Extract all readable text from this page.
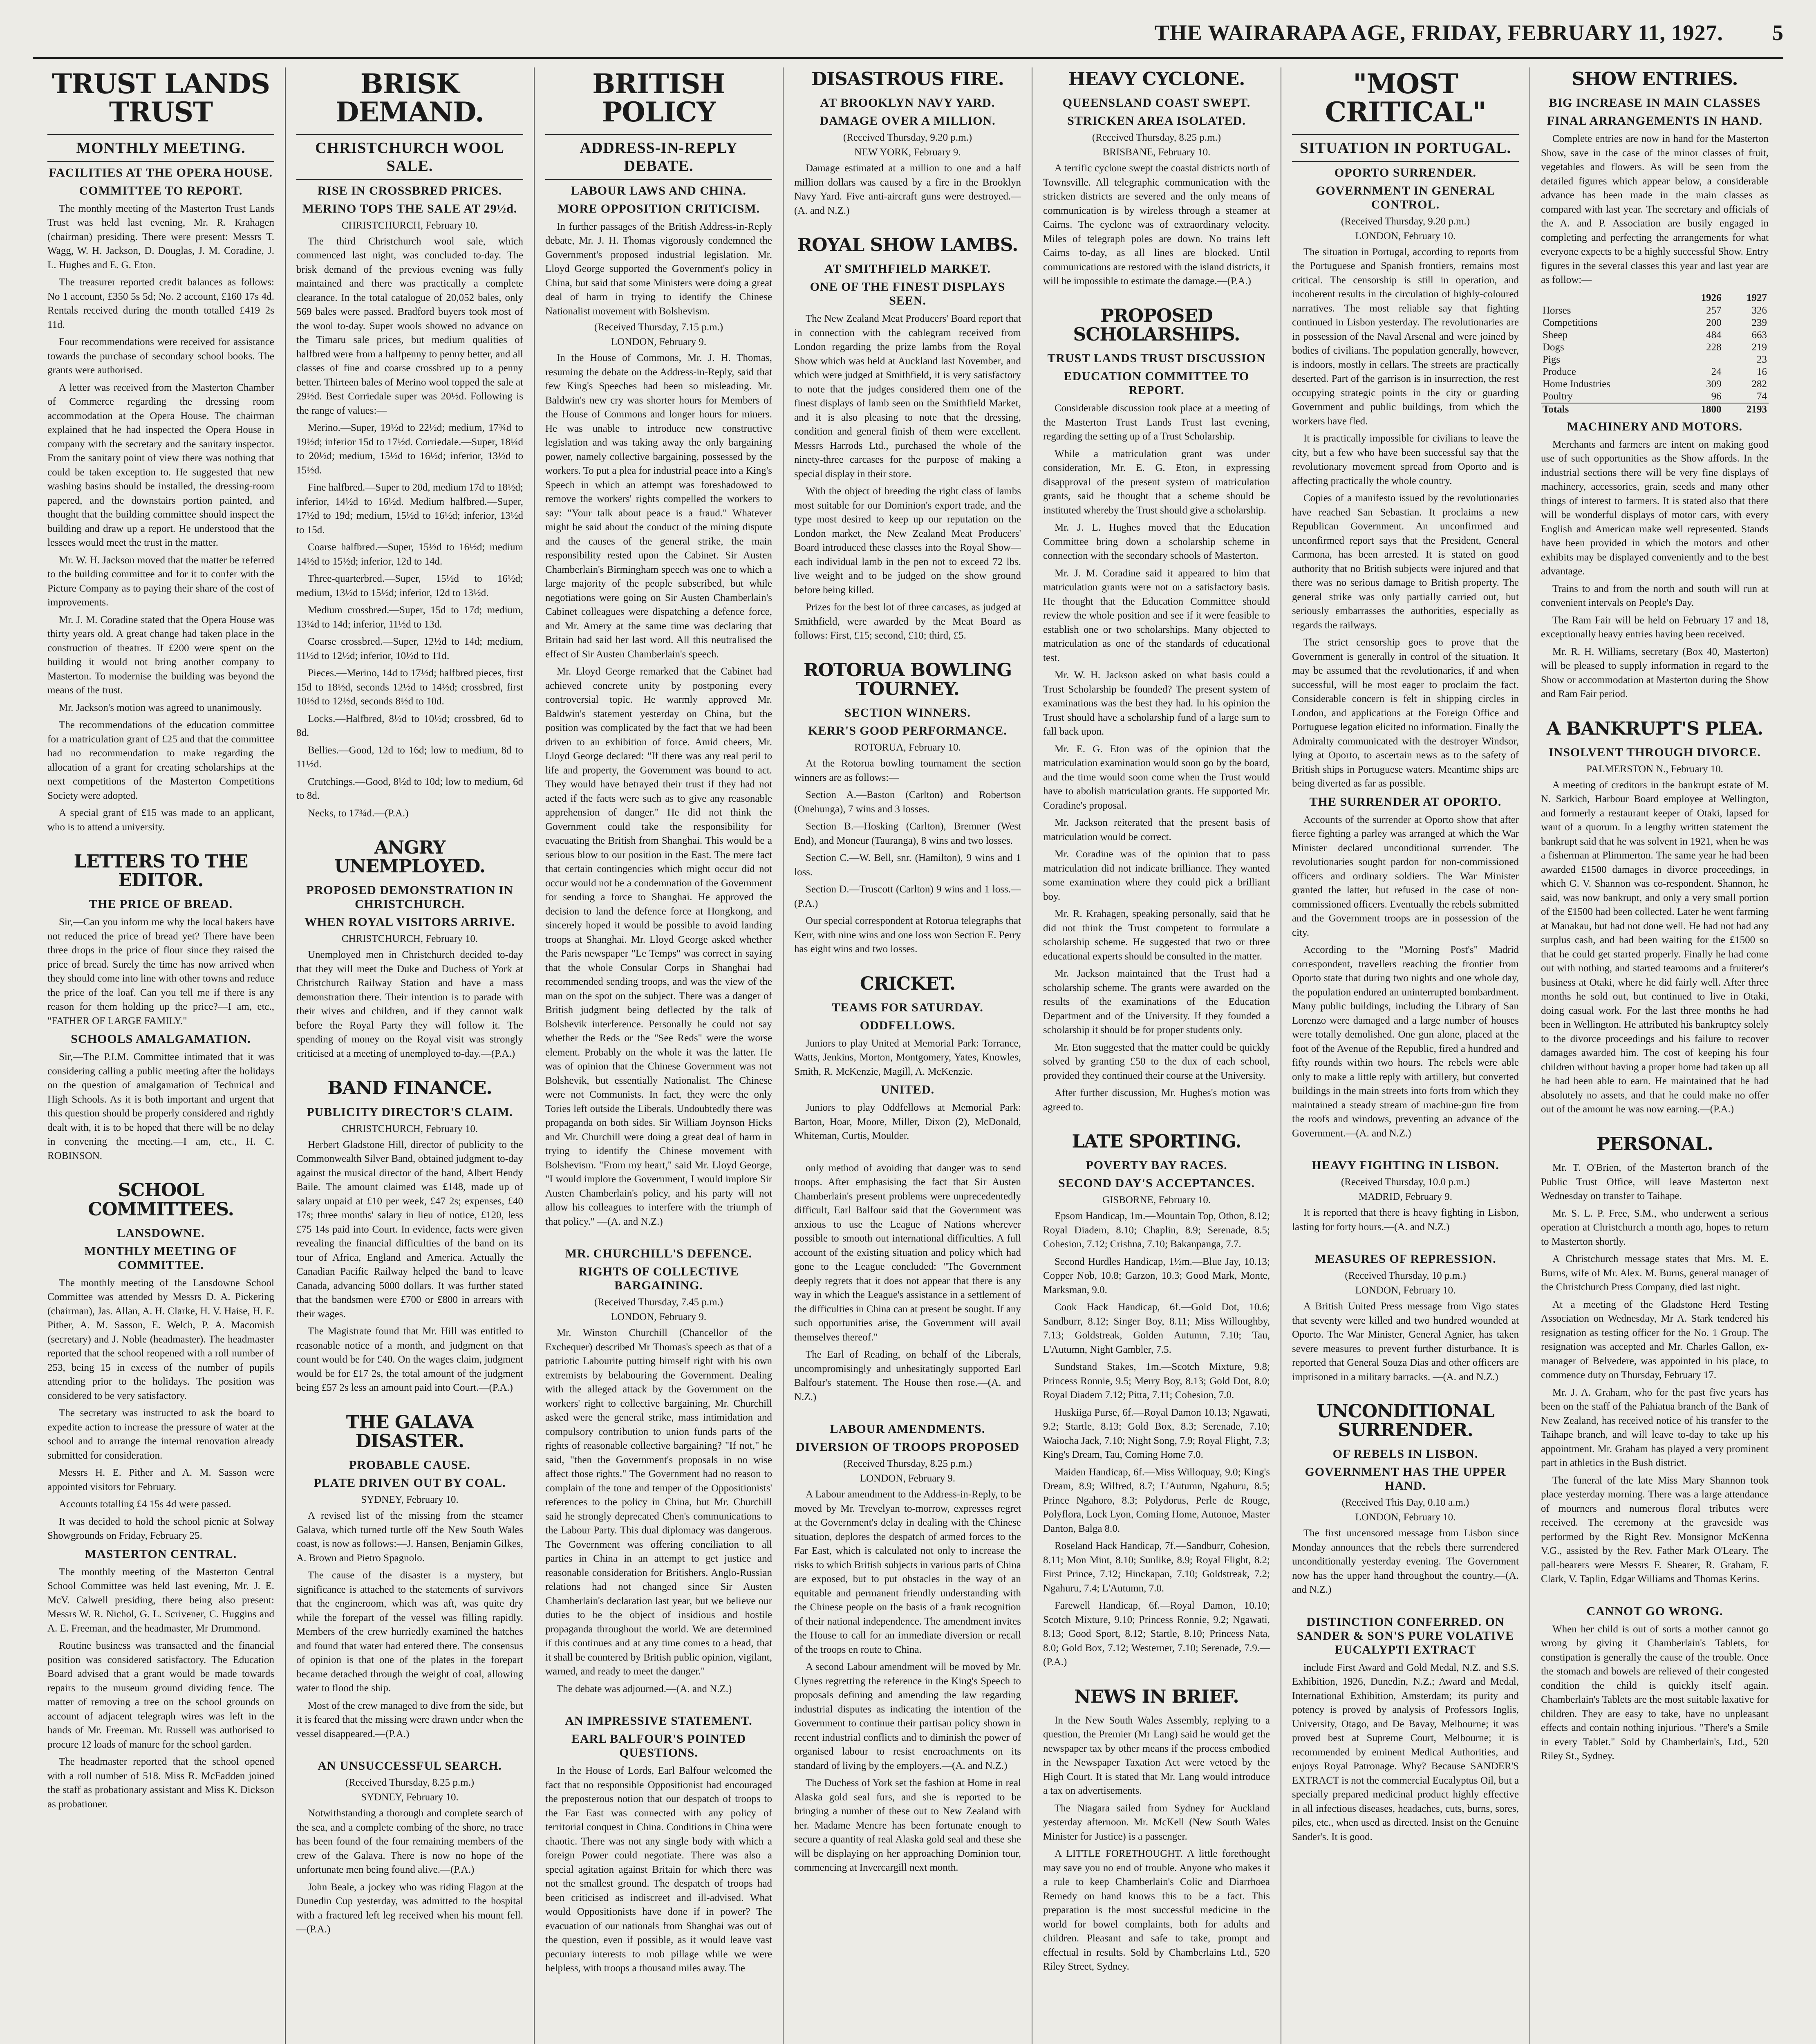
THE WAIRARAPA AGE, FRIDAY, FEBRUARY 11, 1927. 5
TRUST LANDS TRUST
MONTHLY MEETING.
FACILITIES AT THE OPERA HOUSE.
COMMITTEE TO REPORT.

The monthly meeting of the Masterton Trust Lands Trust was held last evening, Mr. R. Krahagen (chairman) presiding. There were present: Messrs T. Wagg, W. H. Jackson, D. Douglas, J. M. Coradine, J. L. Hughes and E. G. Eton.

The treasurer reported credit balances as follows: No 1 account, £350 5s 5d; No. 2 account, £160 17s 4d. Rentals received during the month totalled £419 2s 11d.

Four recommendations were received for assistance towards the purchase of secondary school books. The grants were authorised.

A letter was received from the Masterton Chamber of Commerce regarding the dressing room accommodation at the Opera House. The chairman explained that he had inspected the Opera House in company with the secretary and the sanitary inspector. From the sanitary point of view there was nothing that could be taken exception to. He suggested that new washing basins should be installed, the dressing-room papered, and the downstairs portion painted, and thought that the building committee should inspect the building and draw up a report. He understood that the lessees would meet the trust in the matter.

Mr. W. H. Jackson moved that the matter be referred to the building committee and for it to confer with the Picture Company as to paying their share of the cost of improvements.

Mr. J. M. Coradine stated that the Opera House was thirty years old. A great change had taken place in the construction of theatres. If £200 were spent on the building it would not bring another company to Masterton. To modernise the building was beyond the means of the trust.

Mr. Jackson's motion was agreed to unanimously.

The recommendations of the education committee for a matriculation grant of £25 and that the committee had no recommendation to make regarding the allocation of a grant for creating scholarships at the next competitions of the Masterton Competitions Society were adopted.

A special grant of £15 was made to an applicant, who is to attend a university.

LETTERS TO THE EDITOR.
THE PRICE OF BREAD.

Sir,—Can you inform me why the local bakers have not reduced the price of bread yet? There have been three drops in the price of flour since they raised the price of bread. Surely the time has now arrived when they should come into line with other towns and reduce the price of the loaf. Can you tell me if there is any reason for them holding up the price?—I am, etc., "FATHER OF LARGE FAMILY."

SCHOOLS AMALGAMATION.

Sir,—The P.I.M. Committee intimated that it was considering calling a public meeting after the holidays on the question of amalgamation of Technical and High Schools. As it is both important and urgent that this question should be properly considered and rightly dealt with, it is to be hoped that there will be no delay in convening the meeting.—I am, etc., H. C. ROBINSON.

SCHOOL COMMITTEES.
LANSDOWNE.
MONTHLY MEETING OF COMMITTEE.

The monthly meeting of the Lansdowne School Committee was attended by Messrs D. A. Pickering (chairman), Jas. Allan, A. H. Clarke, H. V. Haise, H. E. Pither, A. M. Sasson, E. Welch, P. A. Macomish (secretary) and J. Noble (headmaster). The headmaster reported that the school reopened with a roll number of 253, being 15 in excess of the number of pupils attending prior to the holidays. The position was considered to be very satisfactory.

The secretary was instructed to ask the board to expedite action to increase the pressure of water at the school and to arrange the internal renovation already submitted for consideration.

Messrs H. E. Pither and A. M. Sasson were appointed visitors for February.

Accounts totalling £4 15s 4d were passed.

It was decided to hold the school picnic at Solway Showgrounds on Friday, February 25.

MASTERTON CENTRAL.

The monthly meeting of the Masterton Central School Committee was held last evening, Mr. J. E. McV. Calwell presiding, there being also present: Messrs W. R. Nichol, G. L. Scrivener, C. Huggins and A. E. Freeman, and the headmaster, Mr Drummond.

Routine business was transacted and the financial position was considered satisfactory. The Education Board advised that a grant would be made towards repairs to the museum ground dividing fence. The matter of removing a tree on the school grounds on account of adjacent telegraph wires was left in the hands of Mr. Freeman. Mr. Russell was authorised to procure 12 loads of manure for the school garden.

The headmaster reported that the school opened with a roll number of 518. Miss R. McFadden joined the staff as probationary assistant and Miss K. Dickson as probationer.

BRISK DEMAND.
CHRISTCHURCH WOOL SALE.
RISE IN CROSSBRED PRICES.
MERINO TOPS THE SALE AT 29½d.
CHRISTCHURCH, February 10.

The third Christchurch wool sale, which commenced last night, was concluded to-day. The brisk demand of the previous evening was fully maintained and there was practically a complete clearance. In the total catalogue of 20,052 bales, only 569 bales were passed. Bradford buyers took most of the wool to-day. Super wools showed no advance on the Timaru sale prices, but medium qualities of halfbred were from a halfpenny to penny better, and all classes of fine and coarse crossbred up to a penny better. Thirteen bales of Merino wool topped the sale at 29½d. Best Corriedale super was 20½d. Following is the range of values:—

Merino.—Super, 19½d to 22½d; medium, 17¾d to 19½d; inferior 15d to 17½d. Corriedale.—Super, 18¼d to 20½d; medium, 15½d to 16½d; inferior, 13½d to 15½d.

Fine halfbred.—Super to 20d, medium 17d to 18½d; inferior, 14½d to 16½d. Medium halfbred.—Super, 17½d to 19d; medium, 15½d to 16½d; inferior, 13½d to 15d.

Coarse halfbred.—Super, 15½d to 16½d; medium 14½d to 15½d; inferior, 12d to 14d.

Three-quarterbred.—Super, 15½d to 16½d; medium, 13½d to 15½d; inferior, 12d to 13½d.

Medium crossbred.—Super, 15d to 17d; medium, 13¼d to 14d; inferior, 11½d to 13d.

Coarse crossbred.—Super, 12½d to 14d; medium, 11½d to 12½d; inferior, 10½d to 11d.

Pieces.—Merino, 14d to 17½d; halfbred pieces, first 15d to 18½d, seconds 12½d to 14½d; crossbred, first 10½d to 12½d, seconds 8½d to 10d.

Locks.—Halfbred, 8½d to 10½d; crossbred, 6d to 8d.

Bellies.—Good, 12d to 16d; low to medium, 8d to 11½d.

Crutchings.—Good, 8½d to 10d; low to medium, 6d to 8d.

Necks, to 17¾d.—(P.A.)

ANGRY UNEMPLOYED.
PROPOSED DEMONSTRATION IN CHRISTCHURCH.
WHEN ROYAL VISITORS ARRIVE.
CHRISTCHURCH, February 10.

Unemployed men in Christchurch decided to-day that they will meet the Duke and Duchess of York at Christchurch Railway Station and have a mass demonstration there. Their intention is to parade with their wives and children, and if they cannot walk before the Royal Party they will follow it. The spending of money on the Royal visit was strongly criticised at a meeting of unemployed to-day.—(P.A.)

BAND FINANCE.
PUBLICITY DIRECTOR'S CLAIM.
CHRISTCHURCH, February 10.

Herbert Gladstone Hill, director of publicity to the Commonwealth Silver Band, obtained judgment to-day against the musical director of the band, Albert Hendy Baile. The amount claimed was £148, made up of salary unpaid at £10 per week, £47 2s; expenses, £40 17s; three months' salary in lieu of notice, £120, less £75 14s paid into Court. In evidence, facts were given revealing the financial difficulties of the band on its tour of Africa, England and America. Actually the Canadian Pacific Railway helped the band to leave Canada, advancing 5000 dollars. It was further stated that the bandsmen were £700 or £800 in arrears with their wages.

The Magistrate found that Mr. Hill was entitled to reasonable notice of a month, and judgment on that count would be for £40. On the wages claim, judgment would be for £17 2s, the total amount of the judgment being £57 2s less an amount paid into Court.—(P.A.)

THE GALAVA DISASTER.
PROBABLE CAUSE.
PLATE DRIVEN OUT BY COAL.
SYDNEY, February 10.

A revised list of the missing from the steamer Galava, which turned turtle off the New South Wales coast, is now as follows:—J. Hansen, Benjamin Gilkes, A. Brown and Pietro Spagnolo.

The cause of the disaster is a mystery, but significance is attached to the statements of survivors that the engineroom, which was aft, was quite dry while the forepart of the vessel was filling rapidly. Members of the crew hurriedly examined the hatches and found that water had entered there. The consensus of opinion is that one of the plates in the forepart became detached through the weight of coal, allowing water to flood the ship.

Most of the crew managed to dive from the side, but it is feared that the missing were drawn under when the vessel disappeared.—(P.A.)

AN UNSUCCESSFUL SEARCH.
(Received Thursday, 8.25 p.m.)
SYDNEY, February 10.

Notwithstanding a thorough and complete search of the sea, and a complete combing of the shore, no trace has been found of the four remaining members of the crew of the Galava. There is now no hope of the unfortunate men being found alive.—(P.A.)

John Beale, a jockey who was riding Flagon at the Dunedin Cup yesterday, was admitted to the hospital with a fractured left leg received when his mount fell.—(P.A.)

BRITISH POLICY
ADDRESS-IN-REPLY DEBATE.
LABOUR LAWS AND CHINA.
MORE OPPOSITION CRITICISM.

In further passages of the British Address-in-Reply debate, Mr. J. H. Thomas vigorously condemned the Government's proposed industrial legislation. Mr. Lloyd George supported the Government's policy in China, but said that some Ministers were doing a great deal of harm in trying to identify the Chinese Nationalist movement with Bolshevism.

(Received Thursday, 7.15 p.m.)
LONDON, February 9.

In the House of Commons, Mr. J. H. Thomas, resuming the debate on the Address-in-Reply, said that few King's Speeches had been so misleading. Mr. Baldwin's new cry was shorter hours for Members of the House of Commons and longer hours for miners. He was unable to introduce new constructive legislation and was taking away the only bargaining power, namely collective bargaining, possessed by the workers. To put a plea for industrial peace into a King's Speech in which an attempt was foreshadowed to remove the workers' rights compelled the workers to say: "Your talk about peace is a fraud." Whatever might be said about the conduct of the mining dispute and the causes of the general strike, the main responsibility rested upon the Cabinet. Sir Austen Chamberlain's Birmingham speech was one to which a large majority of the people subscribed, but while negotiations were going on Sir Austen Chamberlain's Cabinet colleagues were dispatching a defence force, and Mr. Amery at the same time was declaring that Britain had said her last word. All this neutralised the effect of Sir Austen Chamberlain's speech.

Mr. Lloyd George remarked that the Cabinet had achieved concrete unity by postponing every controversial topic. He warmly approved Mr. Baldwin's statement yesterday on China, but the position was complicated by the fact that we had been driven to an exhibition of force. Amid cheers, Mr. Lloyd George declared: "If there was any real peril to life and property, the Government was bound to act. They would have betrayed their trust if they had not acted if the facts were such as to give any reasonable apprehension of danger." He did not think the Government could take the responsibility for evacuating the British from Shanghai. This would be a serious blow to our position in the East. The mere fact that certain contingencies which might occur did not occur would not be a condemnation of the Government for sending a force to Shanghai. He approved the decision to land the defence force at Hongkong, and sincerely hoped it would be possible to avoid landing troops at Shanghai. Mr. Lloyd George asked whether the Paris newspaper "Le Temps" was correct in saying that the whole Consular Corps in Shanghai had recommended sending troops, and was the view of the man on the spot on the subject. There was a danger of British judgment being deflected by the talk of Bolshevik interference. Personally he could not say whether the Reds or the "See Reds" were the worse element. Probably on the whole it was the latter. He was of opinion that the Chinese Government was not Bolshevik, but essentially Nationalist. The Chinese were not Communists. In fact, they were the only Tories left outside the Liberals. Undoubtedly there was propaganda on both sides. Sir William Joynson Hicks and Mr. Churchill were doing a great deal of harm in trying to identify the Chinese movement with Bolshevism. "From my heart," said Mr. Lloyd George, "I would implore the Government, I would implore Sir Austen Chamberlain's policy, and his party will not allow his colleagues to interfere with the triumph of that policy." —(A. and N.Z.)

MR. CHURCHILL'S DEFENCE.
RIGHTS OF COLLECTIVE BARGAINING.
(Received Thursday, 7.45 p.m.)
LONDON, February 9.

Mr. Winston Churchill (Chancellor of the Exchequer) described Mr Thomas's speech as that of a patriotic Labourite putting himself right with his own extremists by belabouring the Government. Dealing with the alleged attack by the Government on the workers' right to collective bargaining, Mr. Churchill asked were the general strike, mass intimidation and compulsory contribution to union funds parts of the rights of reasonable collective bargaining? "If not," he said, "then the Government's proposals in no wise affect those rights." The Government had no reason to complain of the tone and temper of the Oppositionists' references to the policy in China, but Mr. Churchill said he strongly deprecated Chen's communications to the Labour Party. This dual diplomacy was dangerous. The Government was offering conciliation to all parties in China in an attempt to get justice and reasonable consideration for Britishers. Anglo-Russian relations had not changed since Sir Austen Chamberlain's declaration last year, but we believe our duties to be the object of insidious and hostile propaganda throughout the world. We are determined if this continues and at any time comes to a head, that it shall be countered by British public opinion, vigilant, warned, and ready to meet the danger."

The debate was adjourned.—(A. and N.Z.)

AN IMPRESSIVE STATEMENT.
EARL BALFOUR'S POINTED QUESTIONS.

In the House of Lords, Earl Balfour welcomed the fact that no responsible Oppositionist had encouraged the preposterous notion that our despatch of troops to the Far East was connected with any policy of territorial conquest in China. Conditions in China were chaotic. There was not any single body with which a foreign Power could negotiate. There was also a special agitation against Britain for which there was not the smallest ground. The despatch of troops had been criticised as indiscreet and ill-advised. What would Oppositionists have done if in power? The evacuation of our nationals from Shanghai was out of the question, even if possible, as it would leave vast pecuniary interests to mob pillage while we were helpless, with troops a thousand miles away. The

DISASTROUS FIRE.
AT BROOKLYN NAVY YARD.
DAMAGE OVER A MILLION.
(Received Thursday, 9.20 p.m.)
NEW YORK, February 9.

Damage estimated at a million to one and a half million dollars was caused by a fire in the Brooklyn Navy Yard. Five anti-aircraft guns were destroyed.—(A. and N.Z.)

ROYAL SHOW LAMBS.
AT SMITHFIELD MARKET.
ONE OF THE FINEST DISPLAYS SEEN.

The New Zealand Meat Producers' Board report that in connection with the cablegram received from London regarding the prize lambs from the Royal Show which was held at Auckland last November, and which were judged at Smithfield, it is very satisfactory to note that the judges considered them one of the finest displays of lamb seen on the Smithfield Market, and it is also pleasing to note that the dressing, condition and general finish of them were excellent. Messrs Harrods Ltd., purchased the whole of the ninety-three carcases for the purpose of making a special display in their store.

With the object of breeding the right class of lambs most suitable for our Dominion's export trade, and the type most desired to keep up our reputation on the London market, the New Zealand Meat Producers' Board introduced these classes into the Royal Show—each individual lamb in the pen not to exceed 72 lbs. live weight and to be judged on the show ground before being killed.

Prizes for the best lot of three carcases, as judged at Smithfield, were awarded by the Meat Board as follows: First, £15; second, £10; third, £5.

ROTORUA BOWLING TOURNEY.
SECTION WINNERS.
KERR'S GOOD PERFORMANCE.
ROTORUA, February 10.

At the Rotorua bowling tournament the section winners are as follows:—

Section A.—Baston (Carlton) and Robertson (Onehunga), 7 wins and 3 losses.

Section B.—Hosking (Carlton), Bremner (West End), and Moneur (Tauranga), 8 wins and two losses.

Section C.—W. Bell, snr. (Hamilton), 9 wins and 1 loss.

Section D.—Truscott (Carlton) 9 wins and 1 loss.—(P.A.)

Our special correspondent at Rotorua telegraphs that Kerr, with nine wins and one loss won Section E. Perry has eight wins and two losses.

CRICKET.
TEAMS FOR SATURDAY.
ODDFELLOWS.

Juniors to play United at Memorial Park: Torrance, Watts, Jenkins, Morton, Montgomery, Yates, Knowles, Smith, R. McKenzie, Magill, A. McKenzie.

UNITED.

Juniors to play Oddfellows at Memorial Park: Barton, Hoar, Moore, Miller, Dixon (2), McDonald, Whiteman, Curtis, Moulder.

only method of avoiding that danger was to send troops. After emphasising the fact that Sir Austen Chamberlain's present problems were unprecedentedly difficult, Earl Balfour said that the Government was anxious to use the League of Nations wherever possible to smooth out international difficulties. A full account of the existing situation and policy which had gone to the League concluded: "The Government deeply regrets that it does not appear that there is any way in which the League's assistance in a settlement of the difficulties in China can at present be sought. If any such opportunities arise, the Government will avail themselves thereof."

The Earl of Reading, on behalf of the Liberals, uncompromisingly and unhesitatingly supported Earl Balfour's statement. The House then rose.—(A. and N.Z.)

LABOUR AMENDMENTS.
DIVERSION OF TROOPS PROPOSED
(Received Thursday, 8.25 p.m.)
LONDON, February 9.

A Labour amendment to the Address-in-Reply, to be moved by Mr. Trevelyan to-morrow, expresses regret at the Government's delay in dealing with the Chinese situation, deplores the despatch of armed forces to the Far East, which is calculated not only to increase the risks to which British subjects in various parts of China are exposed, but to put obstacles in the way of an equitable and permanent friendly understanding with the Chinese people on the basis of a frank recognition of their national independence. The amendment invites the House to call for an immediate diversion or recall of the troops en route to China.

A second Labour amendment will be moved by Mr. Clynes regretting the reference in the King's Speech to proposals defining and amending the law regarding industrial disputes as indicating the intention of the Government to continue their partisan policy shown in recent industrial conflicts and to diminish the power of organised labour to resist encroachments on its standard of living by the employers.—(A. and N.Z.)

The Duchess of York set the fashion at Home in real Alaska gold seal furs, and she is reported to be bringing a number of these out to New Zealand with her. Madame Mencre has been fortunate enough to secure a quantity of real Alaska gold seal and these she will be displaying on her approaching Dominion tour, commencing at Invercargill next month.

HEAVY CYCLONE.
QUEENSLAND COAST SWEPT.
STRICKEN AREA ISOLATED.
(Received Thursday, 8.25 p.m.)
BRISBANE, February 10.

A terrific cyclone swept the coastal districts north of Townsville. All telegraphic communication with the stricken districts are severed and the only means of communication is by wireless through a steamer at Cairns. The cyclone was of extraordinary velocity. Miles of telegraph poles are down. No trains left Cairns to-day, as all lines are blocked. Until communications are restored with the island districts, it will be impossible to estimate the damage.—(P.A.)

PROPOSED SCHOLARSHIPS.
TRUST LANDS TRUST DISCUSSION
EDUCATION COMMITTEE TO REPORT.

Considerable discussion took place at a meeting of the Masterton Trust Lands Trust last evening, regarding the setting up of a Trust Scholarship.

While a matriculation grant was under consideration, Mr. E. G. Eton, in expressing disapproval of the present system of matriculation grants, said he thought that a scheme should be instituted whereby the Trust should give a scholarship.

Mr. J. L. Hughes moved that the Education Committee bring down a scholarship scheme in connection with the secondary schools of Masterton.

Mr. J. M. Coradine said it appeared to him that matriculation grants were not on a satisfactory basis. He thought that the Education Committee should review the whole position and see if it were feasible to establish one or two scholarships. Many objected to matriculation as one of the standards of educational test.

Mr. W. H. Jackson asked on what basis could a Trust Scholarship be founded? The present system of examinations was the best they had. In his opinion the Trust should have a scholarship fund of a large sum to fall back upon.

Mr. E. G. Eton was of the opinion that the matriculation examination would soon go by the board, and the time would soon come when the Trust would have to abolish matriculation grants. He supported Mr. Coradine's proposal.

Mr. Jackson reiterated that the present basis of matriculation would be correct.

Mr. Coradine was of the opinion that to pass matriculation did not indicate brilliance. They wanted some examination where they could pick a brilliant boy.

Mr. R. Krahagen, speaking personally, said that he did not think the Trust competent to formulate a scholarship scheme. He suggested that two or three educational experts should be consulted in the matter.

Mr. Jackson maintained that the Trust had a scholarship scheme. The grants were awarded on the results of the examinations of the Education Department and of the University. If they founded a scholarship it should be for proper students only.

Mr. Eton suggested that the matter could be quickly solved by granting £50 to the dux of each school, provided they continued their course at the University.

After further discussion, Mr. Hughes's motion was agreed to.

LATE SPORTING.
POVERTY BAY RACES.
SECOND DAY'S ACCEPTANCES.
GISBORNE, February 10.

Epsom Handicap, 1m.—Mountain Top, Othon, 8.12; Royal Diadem, 8.10; Chaplin, 8.9; Serenade, 8.5; Cohesion, 7.12; Crishna, 7.10; Bakanpanga, 7.7.

Second Hurdles Handicap, 1½m.—Blue Jay, 10.13; Copper Nob, 10.8; Garzon, 10.3; Good Mark, Monte, Marksman, 9.0.

Cook Hack Handicap, 6f.—Gold Dot, 10.6; Sandburr, 8.12; Singer Boy, 8.11; Miss Willoughby, 7.13; Goldstreak, Golden Autumn, 7.10; Tau, L'Autumn, Night Gambler, 7.5.

Sundstand Stakes, 1m.—Scotch Mixture, 9.8; Princess Ronnie, 9.5; Merry Boy, 8.13; Gold Dot, 8.0; Royal Diadem 7.12; Pitta, 7.11; Cohesion, 7.0.

Huskiiga Purse, 6f.—Royal Damon 10.13; Ngawati, 9.2; Startle, 8.13; Gold Box, 8.3; Serenade, 7.10; Waiocha Jack, 7.10; Night Song, 7.9; Royal Flight, 7.3; King's Dream, Tau, Coming Home 7.0.

Maiden Handicap, 6f.—Miss Willoquay, 9.0; King's Dream, 8.9; Wilfred, 8.7; L'Autumn, Ngahuru, 8.5; Prince Ngahoro, 8.3; Polydorus, Perle de Rouge, Polyflora, Lock Lyon, Coming Home, Autonoe, Master Danton, Balga 8.0.

Roseland Hack Handicap, 7f.—Sandburr, Cohesion, 8.11; Mon Mint, 8.10; Sunlike, 8.9; Royal Flight, 8.2; First Prince, 7.12; Hinckapan, 7.10; Goldstreak, 7.2; Ngahuru, 7.4; L'Autumn, 7.0.

Farewell Handicap, 6f.—Royal Damon, 10.10; Scotch Mixture, 9.10; Princess Ronnie, 9.2; Ngawati, 8.13; Good Sport, 8.12; Startle, 8.10; Princess Nata, 8.0; Gold Box, 7.12; Westerner, 7.10; Serenade, 7.9.—(P.A.)

NEWS IN BRIEF.

In the New South Wales Assembly, replying to a question, the Premier (Mr Lang) said he would get the newspaper tax by other means if the process embodied in the Newspaper Taxation Act were vetoed by the High Court. It is stated that Mr. Lang would introduce a tax on advertisements.

The Niagara sailed from Sydney for Auckland yesterday afternoon. Mr. McKell (New South Wales Minister for Justice) is a passenger.

A LITTLE FORETHOUGHT. A little forethought may save you no end of trouble. Anyone who makes it a rule to keep Chamberlain's Colic and Diarrhoea Remedy on hand knows this to be a fact. This preparation is the most successful medicine in the world for bowel complaints, both for adults and children. Pleasant and safe to take, prompt and effectual in results. Sold by Chamberlains Ltd., 520 Riley Street, Sydney.

"MOST CRITICAL"
SITUATION IN PORTUGAL.
OPORTO SURRENDER.
GOVERNMENT IN GENERAL CONTROL.
(Received Thursday, 9.20 p.m.)
LONDON, February 10.

The situation in Portugal, according to reports from the Portuguese and Spanish frontiers, remains most critical. The censorship is still in operation, and incoherent results in the circulation of highly-coloured narratives. The most reliable say that fighting continued in Lisbon yesterday. The revolutionaries are in possession of the Naval Arsenal and were joined by bodies of civilians. The population generally, however, is indoors, mostly in cellars. The streets are practically deserted. Part of the garrison is in insurrection, the rest occupying strategic points in the city or guarding Government and public buildings, from which the workers have fled.

It is practically impossible for civilians to leave the city, but a few who have been successful say that the revolutionary movement spread from Oporto and is affecting practically the whole country.

Copies of a manifesto issued by the revolutionaries have reached San Sebastian. It proclaims a new Republican Government. An unconfirmed and unconfirmed report says that the President, General Carmona, has been arrested. It is stated on good authority that no British subjects were injured and that there was no serious damage to British property. The general strike was only partially carried out, but seriously embarrasses the authorities, especially as regards the railways.

The strict censorship goes to prove that the Government is generally in control of the situation. It may be assumed that the revolutionaries, if and when successful, will be most eager to proclaim the fact. Considerable concern is felt in shipping circles in London, and applications at the Foreign Office and Portuguese legation elicited no information. Finally the Admiralty communicated with the destroyer Windsor, lying at Oporto, to ascertain news as to the safety of British ships in Portuguese waters. Meantime ships are being diverted as far as possible.

THE SURRENDER AT OPORTO.

Accounts of the surrender at Oporto show that after fierce fighting a parley was arranged at which the War Minister declared unconditional surrender. The revolutionaries sought pardon for non-commissioned officers and ordinary soldiers. The War Minister granted the latter, but refused in the case of non-commissioned officers. Eventually the rebels submitted and the Government troops are in possession of the city.

According to the "Morning Post's" Madrid correspondent, travellers reaching the frontier from Oporto state that during two nights and one whole day, the population endured an uninterrupted bombardment. Many public buildings, including the Library of San Lorenzo were damaged and a large number of houses were totally demolished. One gun alone, placed at the foot of the Avenue of the Republic, fired a hundred and fifty rounds within two hours. The rebels were able only to make a little reply with artillery, but converted buildings in the main streets into forts from which they maintained a steady stream of machine-gun fire from the roofs and windows, preventing an advance of the Government.—(A. and N.Z.)

HEAVY FIGHTING IN LISBON.
(Received Thursday, 10.0 p.m.)
MADRID, February 9.

It is reported that there is heavy fighting in Lisbon, lasting for forty hours.—(A. and N.Z.)

MEASURES OF REPRESSION.
(Received Thursday, 10 p.m.)
LONDON, February 10.

A British United Press message from Vigo states that seventy were killed and two hundred wounded at Oporto. The War Minister, General Agnier, has taken severe measures to prevent further disturbance. It is reported that General Souza Dias and other officers are imprisoned in a military barracks. —(A. and N.Z.)

UNCONDITIONAL SURRENDER.
OF REBELS IN LISBON.
GOVERNMENT HAS THE UPPER HAND.
(Received This Day, 0.10 a.m.)
LONDON, February 10.

The first uncensored message from Lisbon since Monday announces that the rebels there surrendered unconditionally yesterday evening. The Government now has the upper hand throughout the country.—(A. and N.Z.)

DISTINCTION CONFERRED. ON SANDER & SON'S PURE VOLATIVE EUCALYPTI EXTRACT

include First Award and Gold Medal, N.Z. and S.S. Exhibition, 1926, Dunedin, N.Z.; Award and Medal, International Exhibition, Amsterdam; its purity and potency is proved by analysis of Professors Inglis, University, Otago, and De Bavay, Melbourne; it was proved best at Supreme Court, Melbourne; it is recommended by eminent Medical Authorities, and enjoys Royal Patronage. Why? Because SANDER'S EXTRACT is not the commercial Eucalyptus Oil, but a specially prepared medicinal product highly effective in all infectious diseases, headaches, cuts, burns, sores, piles, etc., when used as directed. Insist on the Genuine Sander's. It is good.

SHOW ENTRIES.
BIG INCREASE IN MAIN CLASSES
FINAL ARRANGEMENTS IN HAND.

Complete entries are now in hand for the Masterton Show, save in the case of the minor classes of fruit, vegetables and flowers. As will be seen from the detailed figures which appear below, a considerable advance has been made in the main classes as compared with last year. The secretary and officials of the A. and P. Association are busily engaged in completing and perfecting the arrangements for what everyone expects to be a highly successful Show. Entry figures in the several classes this year and last year are as follow:—

	1926	1927
Horses	257	326
Competitions	200	239
Sheep	484	663
Dogs	228	219
Pigs		23
Produce	24	16
Home Industries	309	282
Poultry	96	74
Totals	1800	2193
MACHINERY AND MOTORS.

Merchants and farmers are intent on making good use of such opportunities as the Show affords. In the industrial sections there will be very fine displays of machinery, accessories, grain, seeds and many other things of interest to farmers. It is stated also that there will be wonderful displays of motor cars, with every English and American make well represented. Stands have been provided in which the motors and other exhibits may be displayed conveniently and to the best advantage.

Trains to and from the north and south will run at convenient intervals on People's Day.

The Ram Fair will be held on February 17 and 18, exceptionally heavy entries having been received.

Mr. R. H. Williams, secretary (Box 40, Masterton) will be pleased to supply information in regard to the Show or accommodation at Masterton during the Show and Ram Fair period.

A BANKRUPT'S PLEA.
INSOLVENT THROUGH DIVORCE.
PALMERSTON N., February 10.

A meeting of creditors in the bankrupt estate of M. N. Sarkich, Harbour Board employee at Wellington, and formerly a restaurant keeper of Otaki, lapsed for want of a quorum. In a lengthy written statement the bankrupt said that he was solvent in 1921, when he was a fisherman at Plimmerton. The same year he had been awarded £1500 damages in divorce proceedings, in which G. V. Shannon was co-respondent. Shannon, he said, was now bankrupt, and only a very small portion of the £1500 had been collected. Later he went farming at Manakau, but had not done well. He had not had any surplus cash, and had been waiting for the £1500 so that he could get started properly. Finally he had come out with nothing, and started tearooms and a fruiterer's business at Otaki, where he did fairly well. After three months he sold out, but continued to live in Otaki, doing casual work. For the last three months he had been in Wellington. He attributed his bankruptcy solely to the divorce proceedings and his failure to recover damages awarded him. The cost of keeping his four children without having a proper home had taken up all he had been able to earn. He maintained that he had absolutely no assets, and that he could make no offer out of the amount he was now earning.—(P.A.)

PERSONAL.

Mr. T. O'Brien, of the Masterton branch of the Public Trust Office, will leave Masterton next Wednesday on transfer to Taihape.

Mr. S. L. P. Free, S.M., who underwent a serious operation at Christchurch a month ago, hopes to return to Masterton shortly.

A Christchurch message states that Mrs. M. E. Burns, wife of Mr. Alex. M. Burns, general manager of the Christchurch Press Company, died last night.

At a meeting of the Gladstone Herd Testing Association on Wednesday, Mr A. Stark tendered his resignation as testing officer for the No. 1 Group. The resignation was accepted and Mr. Charles Gallon, ex-manager of Belvedere, was appointed in his place, to commence duty on Thursday, February 17.

Mr. J. A. Graham, who for the past five years has been on the staff of the Pahiatua branch of the Bank of New Zealand, has received notice of his transfer to the Taihape branch, and will leave to-day to take up his appointment. Mr. Graham has played a very prominent part in athletics in the Bush district.

The funeral of the late Miss Mary Shannon took place yesterday morning. There was a large attendance of mourners and numerous floral tributes were received. The ceremony at the graveside was performed by the Right Rev. Monsignor McKenna V.G., assisted by the Rev. Father Mark O'Leary. The pall-bearers were Messrs F. Shearer, R. Graham, F. Clark, V. Taplin, Edgar Williams and Thomas Kerins.

CANNOT GO WRONG.

When her child is out of sorts a mother cannot go wrong by giving it Chamberlain's Tablets, for constipation is generally the cause of the trouble. Once the stomach and bowels are relieved of their congested condition the child is quickly itself again. Chamberlain's Tablets are the most suitable laxative for children. They are easy to take, have no unpleasant effects and contain nothing injurious. "There's a Smile in every Tablet." Sold by Chamberlain's, Ltd., 520 Riley St., Sydney.
